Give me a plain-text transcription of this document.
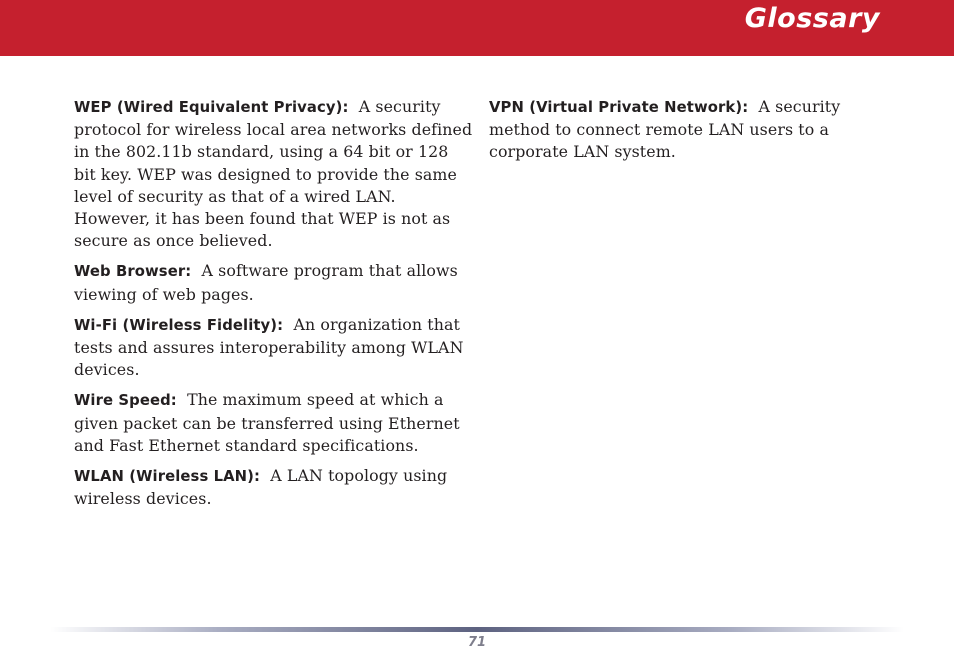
Glossary

WEP (Wired Equivalent Privacy): A security protocol for wireless local area networks defined in the 802.11b standard, using a 64 bit or 128 bit key. WEP was designed to provide the same level of security as that of a wired LAN. However, it has been found that WEP is not as secure as once believed.

Web Browser: A software program that allows viewing of web pages.

Wi-Fi (Wireless Fidelity): An organization that tests and assures interoperability among WLAN devices.

Wire Speed: The maximum speed at which a given packet can be transferred using Ethernet and Fast Ethernet standard specifications.

WLAN (Wireless LAN): A LAN topology using wireless devices.

VPN (Virtual Private Network): A security method to connect remote LAN users to a corporate LAN system.

71
